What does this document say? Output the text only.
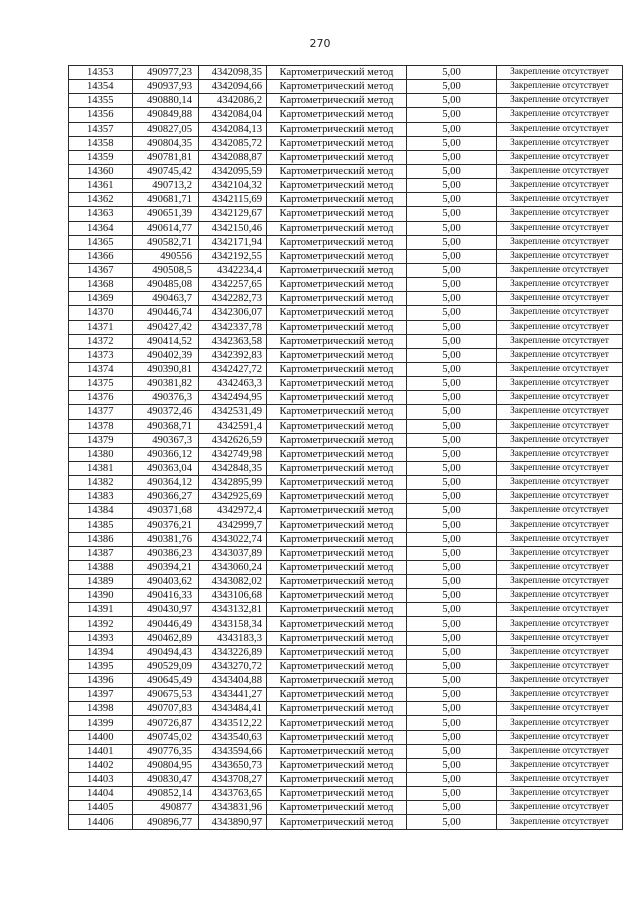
270
14353	490977,23	4342098,35	Картометрический метод	5,00	Закрепление отсутствует
14354	490937,93	4342094,66	Картометрический метод	5,00	Закрепление отсутствует
14355	490880,14	4342086,2	Картометрический метод	5,00	Закрепление отсутствует
14356	490849,88	4342084,04	Картометрический метод	5,00	Закрепление отсутствует
14357	490827,05	4342084,13	Картометрический метод	5,00	Закрепление отсутствует
14358	490804,35	4342085,72	Картометрический метод	5,00	Закрепление отсутствует
14359	490781,81	4342088,87	Картометрический метод	5,00	Закрепление отсутствует
14360	490745,42	4342095,59	Картометрический метод	5,00	Закрепление отсутствует
14361	490713,2	4342104,32	Картометрический метод	5,00	Закрепление отсутствует
14362	490681,71	4342115,69	Картометрический метод	5,00	Закрепление отсутствует
14363	490651,39	4342129,67	Картометрический метод	5,00	Закрепление отсутствует
14364	490614,77	4342150,46	Картометрический метод	5,00	Закрепление отсутствует
14365	490582,71	4342171,94	Картометрический метод	5,00	Закрепление отсутствует
14366	490556	4342192,55	Картометрический метод	5,00	Закрепление отсутствует
14367	490508,5	4342234,4	Картометрический метод	5,00	Закрепление отсутствует
14368	490485,08	4342257,65	Картометрический метод	5,00	Закрепление отсутствует
14369	490463,7	4342282,73	Картометрический метод	5,00	Закрепление отсутствует
14370	490446,74	4342306,07	Картометрический метод	5,00	Закрепление отсутствует
14371	490427,42	4342337,78	Картометрический метод	5,00	Закрепление отсутствует
14372	490414,52	4342363,58	Картометрический метод	5,00	Закрепление отсутствует
14373	490402,39	4342392,83	Картометрический метод	5,00	Закрепление отсутствует
14374	490390,81	4342427,72	Картометрический метод	5,00	Закрепление отсутствует
14375	490381,82	4342463,3	Картометрический метод	5,00	Закрепление отсутствует
14376	490376,3	4342494,95	Картометрический метод	5,00	Закрепление отсутствует
14377	490372,46	4342531,49	Картометрический метод	5,00	Закрепление отсутствует
14378	490368,71	4342591,4	Картометрический метод	5,00	Закрепление отсутствует
14379	490367,3	4342626,59	Картометрический метод	5,00	Закрепление отсутствует
14380	490366,12	4342749,98	Картометрический метод	5,00	Закрепление отсутствует
14381	490363,04	4342848,35	Картометрический метод	5,00	Закрепление отсутствует
14382	490364,12	4342895,99	Картометрический метод	5,00	Закрепление отсутствует
14383	490366,27	4342925,69	Картометрический метод	5,00	Закрепление отсутствует
14384	490371,68	4342972,4	Картометрический метод	5,00	Закрепление отсутствует
14385	490376,21	4342999,7	Картометрический метод	5,00	Закрепление отсутствует
14386	490381,76	4343022,74	Картометрический метод	5,00	Закрепление отсутствует
14387	490386,23	4343037,89	Картометрический метод	5,00	Закрепление отсутствует
14388	490394,21	4343060,24	Картометрический метод	5,00	Закрепление отсутствует
14389	490403,62	4343082,02	Картометрический метод	5,00	Закрепление отсутствует
14390	490416,33	4343106,68	Картометрический метод	5,00	Закрепление отсутствует
14391	490430,97	4343132,81	Картометрический метод	5,00	Закрепление отсутствует
14392	490446,49	4343158,34	Картометрический метод	5,00	Закрепление отсутствует
14393	490462,89	4343183,3	Картометрический метод	5,00	Закрепление отсутствует
14394	490494,43	4343226,89	Картометрический метод	5,00	Закрепление отсутствует
14395	490529,09	4343270,72	Картометрический метод	5,00	Закрепление отсутствует
14396	490645,49	4343404,88	Картометрический метод	5,00	Закрепление отсутствует
14397	490675,53	4343441,27	Картометрический метод	5,00	Закрепление отсутствует
14398	490707,83	4343484,41	Картометрический метод	5,00	Закрепление отсутствует
14399	490726,87	4343512,22	Картометрический метод	5,00	Закрепление отсутствует
14400	490745,02	4343540,63	Картометрический метод	5,00	Закрепление отсутствует
14401	490776,35	4343594,66	Картометрический метод	5,00	Закрепление отсутствует
14402	490804,95	4343650,73	Картометрический метод	5,00	Закрепление отсутствует
14403	490830,47	4343708,27	Картометрический метод	5,00	Закрепление отсутствует
14404	490852,14	4343763,65	Картометрический метод	5,00	Закрепление отсутствует
14405	490877	4343831,96	Картометрический метод	5,00	Закрепление отсутствует
14406	490896,77	4343890,97	Картометрический метод	5,00	Закрепление отсутствует
